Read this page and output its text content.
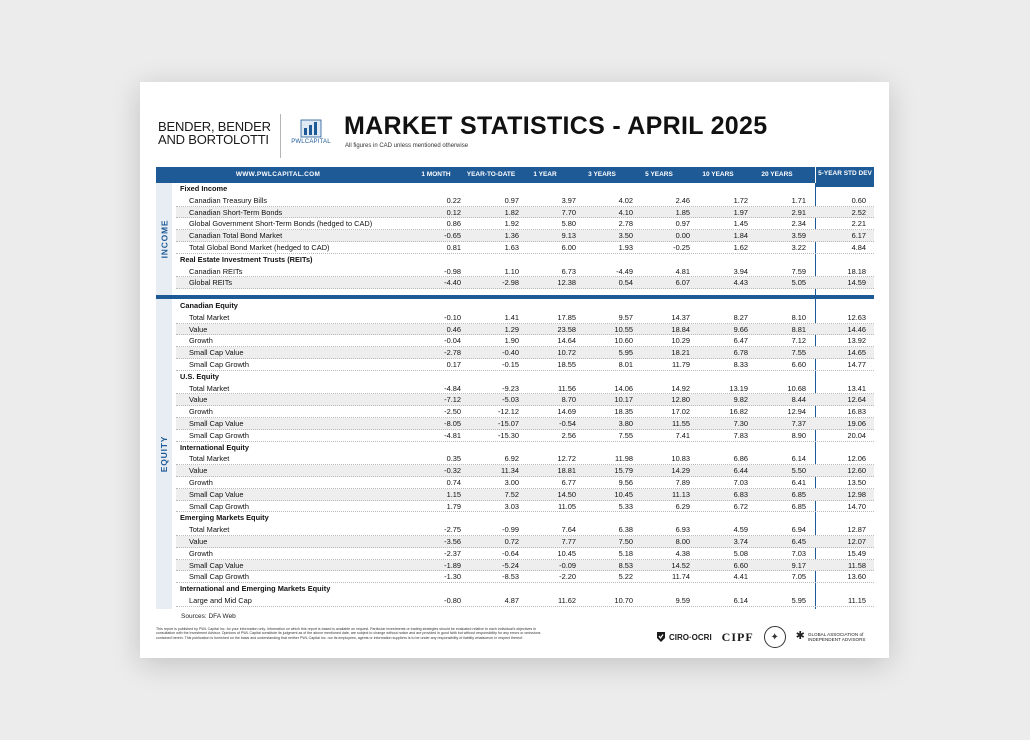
BENDER, BENDER
AND BORTOLOTTI	PWLCAPITAL
MARKET STATISTICS - APRIL 2025
All figures in CAD unless mentioned otherwise
WWW.PWLCAPITAL.COM	1 MONTH	YEAR-TO-DATE	1 YEAR	3 YEARS	5 YEARS	10 YEARS	20 YEARS	5-YEAR STD DEV
INCOME
EQUITY
Fixed Income
Canadian Treasury Bills	0.22	0.97	3.97	4.02	2.46	1.72	1.71	0.60
Canadian Short-Term Bonds	0.12	1.82	7.70	4.10	1.85	1.97	2.91	2.52
Global Government Short-Term Bonds (hedged to CAD)	0.86	1.92	5.80	2.78	0.97	1.45	2.34	2.21
Canadian Total Bond Market	-0.65	1.36	9.13	3.50	0.00	1.84	3.59	6.17
Total Global Bond Market (hedged to CAD)	0.81	1.63	6.00	1.93	-0.25	1.62	3.22	4.84
Real Estate Investment Trusts (REITs)
Canadian REITs	-0.98	1.10	6.73	-4.49	4.81	3.94	7.59	18.18
Global REITs	-4.40	-2.98	12.38	0.54	6.07	4.43	5.05	14.59
Canadian Equity
Total Market	-0.10	1.41	17.85	9.57	14.37	8.27	8.10	12.63
Value	0.46	1.29	23.58	10.55	18.84	9.66	8.81	14.46
Growth	-0.04	1.90	14.64	10.60	10.29	6.47	7.12	13.92
Small Cap Value	-2.78	-0.40	10.72	5.95	18.21	6.78	7.55	14.65
Small Cap Growth	0.17	-0.15	18.55	8.01	11.79	8.33	6.60	14.77
U.S. Equity
Total Market	-4.84	-9.23	11.56	14.06	14.92	13.19	10.68	13.41
Value	-7.12	-5.03	8.70	10.17	12.80	9.82	8.44	12.64
Growth	-2.50	-12.12	14.69	18.35	17.02	16.82	12.94	16.83
Small Cap Value	-8.05	-15.07	-0.54	3.80	11.55	7.30	7.37	19.06
Small Cap Growth	-4.81	-15.30	2.56	7.55	7.41	7.83	8.90	20.04
International Equity
Total Market	0.35	6.92	12.72	11.98	10.83	6.86	6.14	12.06
Value	-0.32	11.34	18.81	15.79	14.29	6.44	5.50	12.60
Growth	0.74	3.00	6.77	9.56	7.89	7.03	6.41	13.50
Small Cap Value	1.15	7.52	14.50	10.45	11.13	6.83	6.85	12.98
Small Cap Growth	1.79	3.03	11.05	5.33	6.29	6.72	6.85	14.70
Emerging Markets Equity
Total Market	-2.75	-0.99	7.64	6.38	6.93	4.59	6.94	12.87
Value	-3.56	0.72	7.77	7.50	8.00	3.74	6.45	12.07
Growth	-2.37	-0.64	10.45	5.18	4.38	5.08	7.03	15.49
Small Cap Value	-1.89	-5.24	-0.09	8.53	14.52	6.60	9.17	11.58
Small Cap Growth	-1.30	-8.53	-2.20	5.22	11.74	4.41	7.05	13.60
International and Emerging Markets Equity
Large and Mid Cap	-0.80	4.87	11.62	10.70	9.59	6.14	5.95	11.15
Sources: DFA Web
This report is published by PWL Capital Inc. for your information only. Information on which this report is based is available on request. Particular investments or trading strategies should be evaluated relative to each individual's objectives in consultation with the Investment Advisor. Opinions of PWL Capital constitute its judgment as of the above mentioned date, are subject to change without notice and are provided in good faith but without responsibility for any errors or omissions contained herein. This publication is furnished on the basis and understanding that neither PWL Capital Inc. nor its employees, agents or information suppliers is to be under any responsibility of liability whatsoever in respect thereof.	CIRO·OCRI CIPF	✦	✱ GLOBAL ASSOCIATION of
INDEPENDENT ADVISORS
